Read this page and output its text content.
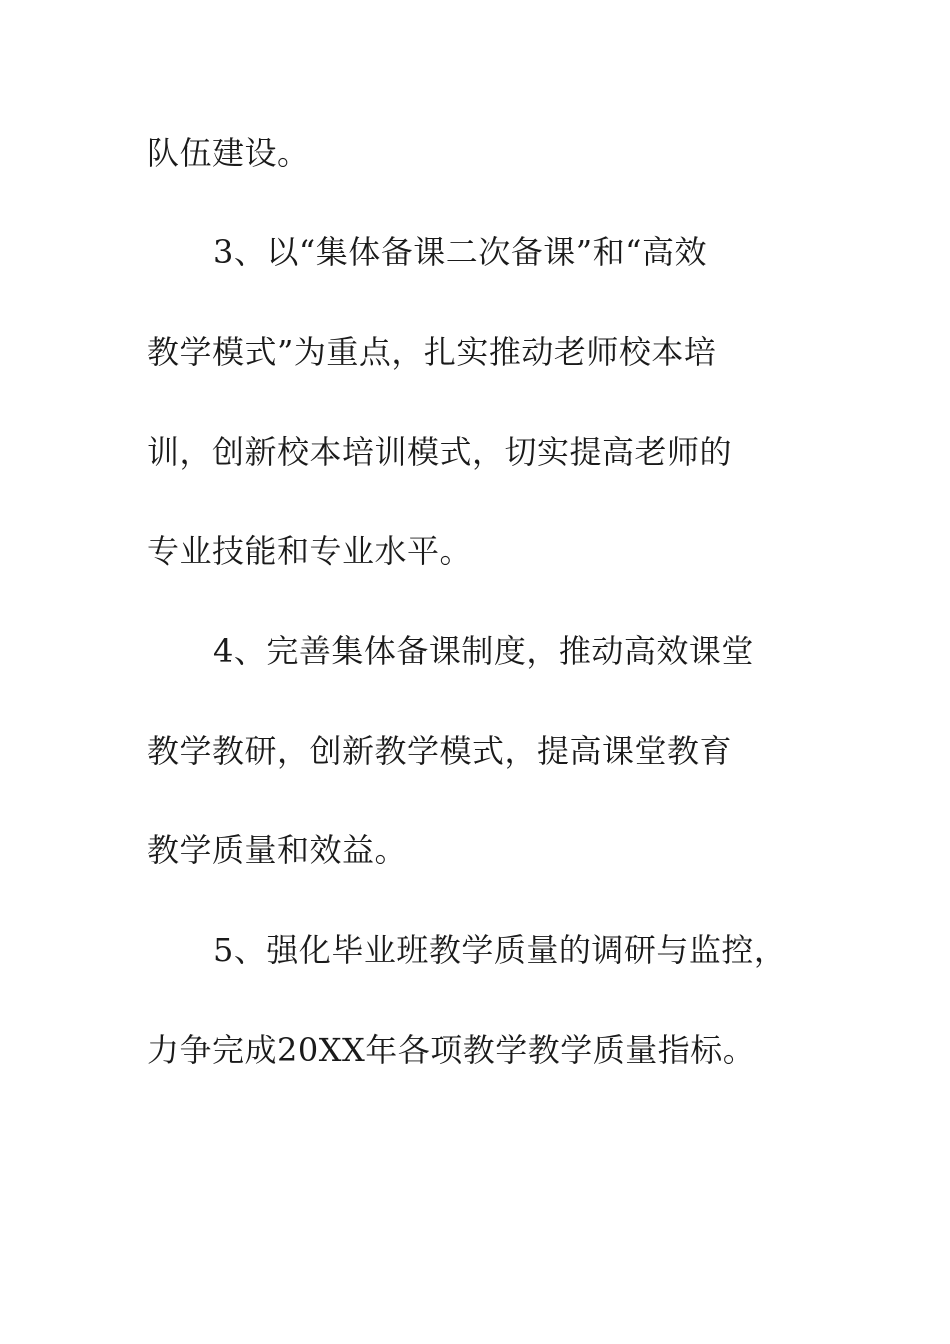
队伍建设。
3、以“集体备课二次备课”和“高效
教学模式”为重点，扎实推动老师校本培
训，创新校本培训模式，切实提高老师的
专业技能和专业水平。
4、完善集体备课制度，推动高效课堂
教学教研，创新教学模式，提高课堂教育
教学质量和效益。
5、强化毕业班教学质量的调研与监控，
力争完成20XX年各项教学教学质量指标。
